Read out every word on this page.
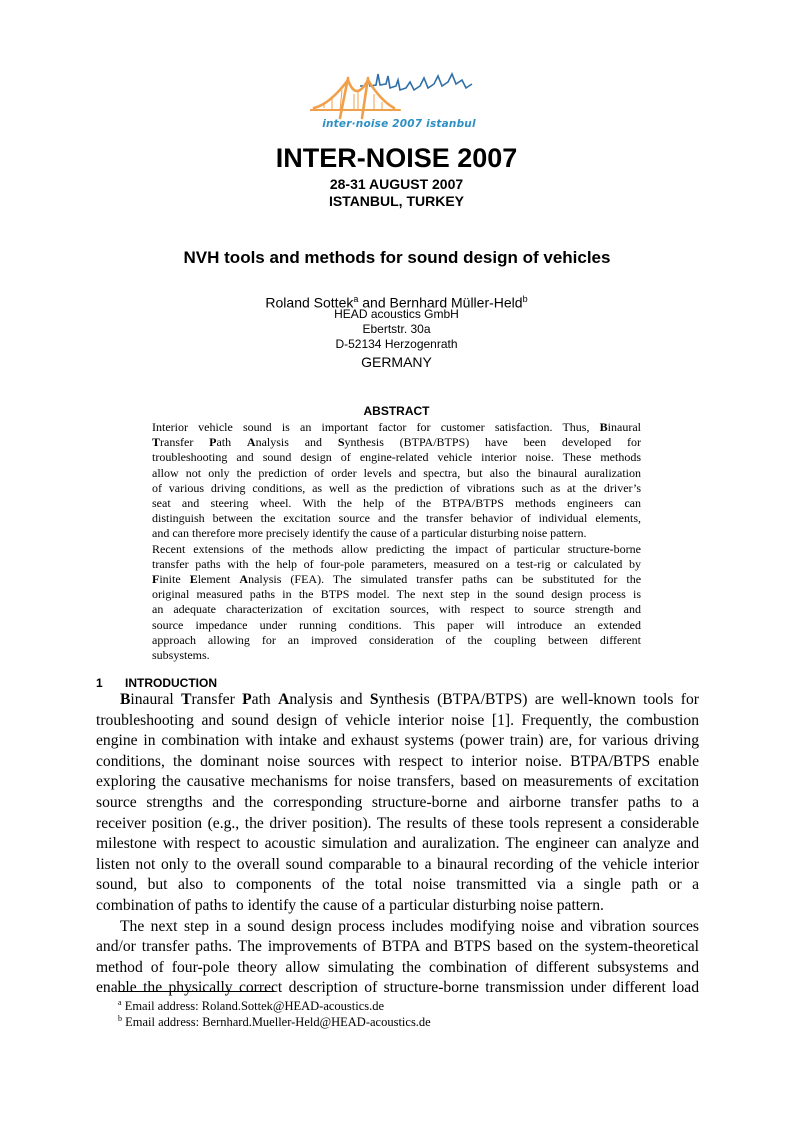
inter·noise 2007 istanbul
INTER-NOISE 2007
28-31 AUGUST 2007
ISTANBUL, TURKEY
NVH tools and methods for sound design of vehicles
Roland Sottek$^a$ and Bernhard Müller-Held$^b$
HEAD acoustics GmbH
Ebertstr. 30a
D-52134 Herzogenrath
GERMANY
ABSTRACT
Interior vehicle sound is an important factor for customer satisfaction. Thus, Binaural
Transfer Path Analysis and Synthesis (BTPA/BTPS) have been developed for
troubleshooting and sound design of engine-related vehicle interior noise. These methods
allow not only the prediction of order levels and spectra, but also the binaural auralization
of various driving conditions, as well as the prediction of vibrations such as at the driver’s
seat and steering wheel. With the help of the BTPA/BTPS methods engineers can
distinguish between the excitation source and the transfer behavior of individual elements,
and can therefore more precisely identify the cause of a particular disturbing noise pattern.
Recent extensions of the methods allow predicting the impact of particular structure-borne
transfer paths with the help of four-pole parameters, measured on a test-rig or calculated by
Finite Element Analysis (FEA). The simulated transfer paths can be substituted for the
original measured paths in the BTPS model. The next step in the sound design process is
an adequate characterization of excitation sources, with respect to source strength and
source impedance under running conditions. This paper will introduce an extended
approach allowing for an improved consideration of the coupling between different
subsystems.
1 INTRODUCTION
Binaural Transfer Path Analysis and Synthesis (BTPA/BTPS) are well-known tools for
troubleshooting and sound design of vehicle interior noise [1]. Frequently, the combustion
engine in combination with intake and exhaust systems (power train) are, for various driving
conditions, the dominant noise sources with respect to interior noise. BTPA/BTPS enable
exploring the causative mechanisms for noise transfers, based on measurements of excitation
source strengths and the corresponding structure-borne and airborne transfer paths to a
receiver position (e.g., the driver position). The results of these tools represent a considerable
milestone with respect to acoustic simulation and auralization. The engineer can analyze and
listen not only to the overall sound comparable to a binaural recording of the vehicle interior
sound, but also to components of the total noise transmitted via a single path or a
combination of paths to identify the cause of a particular disturbing noise pattern.
The next step in a sound design process includes modifying noise and vibration sources
and/or transfer paths. The improvements of BTPA and BTPS based on the system-theoretical
method of four-pole theory allow simulating the combination of different subsystems and
enable the physically correct description of structure-borne transmission under different load
$^a$ Email address: Roland.Sottek@HEAD-acoustics.de
$^b$ Email address: Bernhard.Mueller-Held@HEAD-acoustics.de
